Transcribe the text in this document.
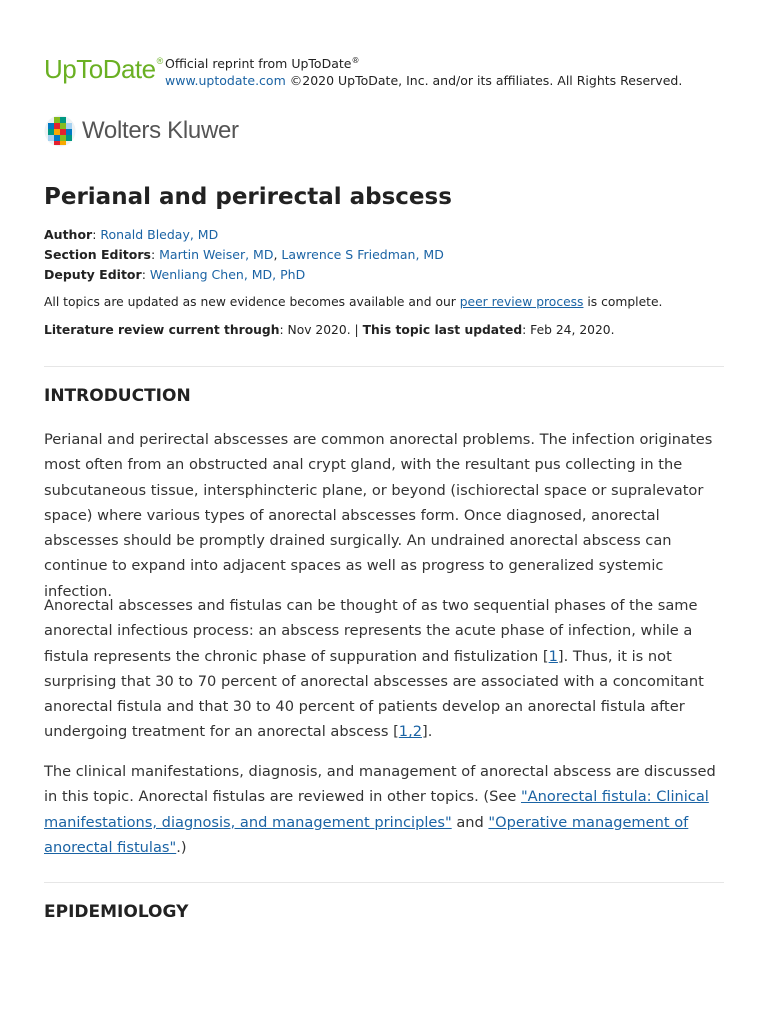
UpToDate® Official reprint from UpToDate®
www.uptodate.com ©2020 UpToDate, Inc. and/or its affiliates. All Rights Reserved.
Wolters Kluwer
Perianal and perirectal abscess
Author: Ronald Bleday, MD
Section Editors: Martin Weiser, MD, Lawrence S Friedman, MD
Deputy Editor: Wenliang Chen, MD, PhD
All topics are updated as new evidence becomes available and our peer review process is complete.
Literature review current through: Nov 2020. | This topic last updated: Feb 24, 2020.
INTRODUCTION
Perianal and perirectal abscesses are common anorectal problems. The infection originates most often from an obstructed anal crypt gland, with the resultant pus collecting in the subcutaneous tissue, intersphincteric plane, or beyond (ischiorectal space or supralevator space) where various types of anorectal abscesses form. Once diagnosed, anorectal abscesses should be promptly drained surgically. An undrained anorectal abscess can continue to expand into adjacent spaces as well as progress to generalized systemic infection.
Anorectal abscesses and fistulas can be thought of as two sequential phases of the same anorectal infectious process: an abscess represents the acute phase of infection, while a fistula represents the chronic phase of suppuration and fistulization [1]. Thus, it is not surprising that 30 to 70 percent of anorectal abscesses are associated with a concomitant anorectal fistula and that 30 to 40 percent of patients develop an anorectal fistula after undergoing treatment for an anorectal abscess [1,2].
The clinical manifestations, diagnosis, and management of anorectal abscess are discussed in this topic. Anorectal fistulas are reviewed in other topics. (See "Anorectal fistula: Clinical manifestations, diagnosis, and management principles" and "Operative management of anorectal fistulas".)
EPIDEMIOLOGY
